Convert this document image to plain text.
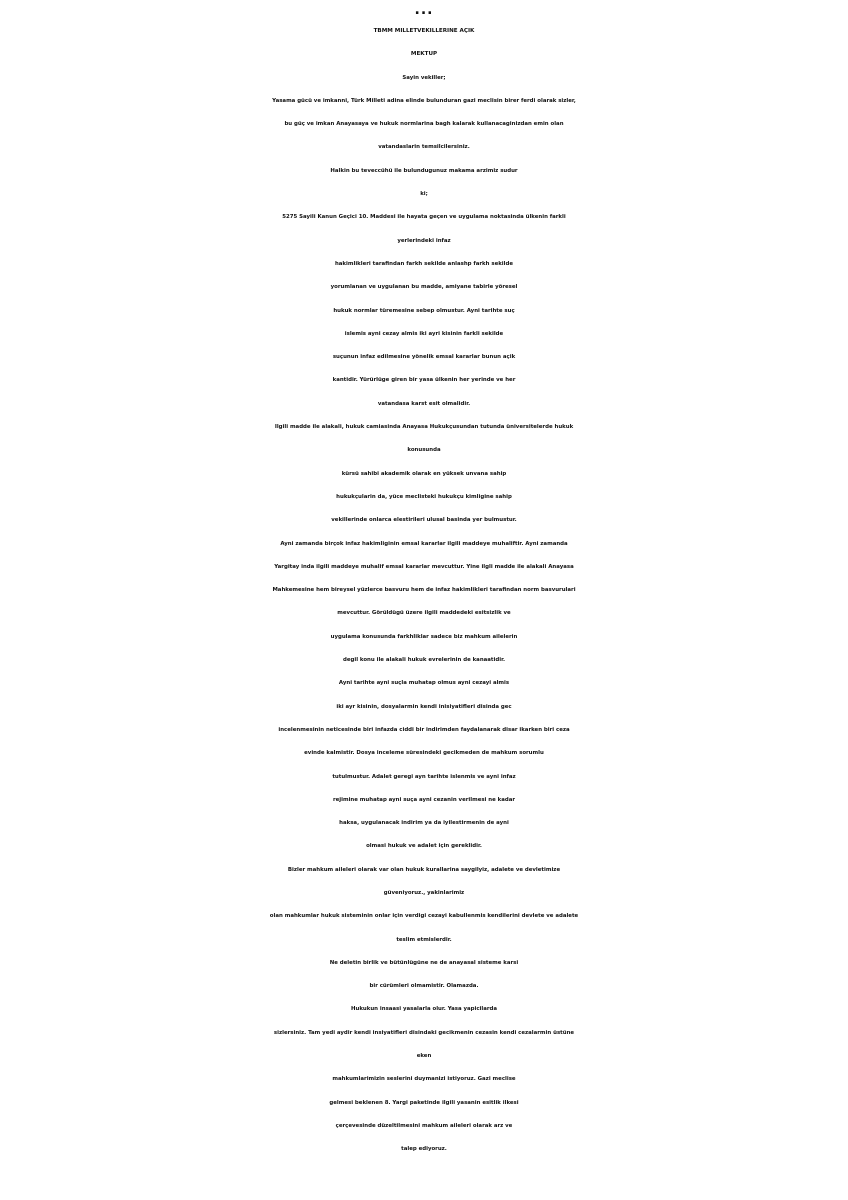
...
TBMM MILLETVEKILLERINE AÇIK
MEKTUP
Sayin vekiller;
Yasama gücü ve imkanni, Türk Milleti adina elinde bulunduran gazi meclisin birer ferdi olarak sizler,
bu güç ve imkan Anayasaya ve hukuk normlarina bagh kalarak kullanacaginizdan emin olan
vatandaslarin temsilcilersiniz.
Halkin bu teveccühü ile bulundugunuz makama arzimiz sudur
ki;
5275 Sayili Kanun Geçici 10. Maddesi ile hayata geçen ve uygulama noktasinda ülkenin farkli
yerlerindeki infaz
hakimlikleri tarafindan farkh sekilde anlashp farkh sekilde
yorumlanan ve uygulanan bu madde, amiyane tabirle yöresel
hukuk normlar türemesine sebep olmustur. Ayni tarihte suç
islemis ayni cezay almis iki ayri kisinin farkli sekilde
suçunun infaz edilmesine yönelik emsal kararlar bunun açik
kantidir. Yürürlüge giren bir yasa ülkenin her yerinde ve her
vatandasa karst esit olmalidir.
Ilgili madde ile alakali, hukuk camiasinda Anayasa Hukukçusundan tutunda üniversitelerde hukuk
konusunda
kürsü sahibi akademik olarak en yüksek unvana sahip
hukukçularin da, yüce meclisteki hukukçu kimligine sahip
vekillerinde onlarca elestirileri ulusal basinda yer bulmustur.
Ayni zamanda birçok infaz hakimliginin emsal kararlar ilgili maddeye muhaliftir. Ayni zamanda
Yargitay inda ilgili maddeye muhalif emsal kararlar mevcuttur. Yine ilgli madde ile alakali Anayasa
Mahkemesine hem bireysel yüzlerce basvuru hem de infaz hakimlikleri tarafindan norm basvurulari
mevcuttur. Görüldügü üzere ilgili maddedeki esitsizlik ve
uygulama konusunda farkhliklar sadece biz mahkum ailelerin
degil konu ile alakali hukuk evrelerinin de kanaatidir.
Ayni tarihte ayni suçla muhatap olmus ayni cezayi almis
iki ayr kisinin, dosyalarmin kendi inisiyatifleri disinda gec
incelenmesinin neticesinde biri infazda ciddi bir indirimden faydalanarak disar ikarken biri ceza
evinde kalmistir. Dosya inceleme süresindeki gecikmeden de mahkum sorumlu
tutulmustur. Adalet geregi ayn tarihte islenmis ve ayni infaz
rejimine muhatap ayni suça ayni cezanin verilmesi ne kadar
haksa, uygulanacak indirim ya da iyilestirmenin de ayni
olmasi hukuk ve adalet için gereklidir.
Bizler mahkum aileleri olarak var olan hukuk kurallarina saygilyiz, adalete ve devletimize
güveniyoruz., yakinlarimiz
olan mahkumlar hukuk sisteminin onlar için verdigi cezayi kabullenmis kendilerini devlete ve adalete
teslim etmislerdir.
Ne deletin birlik ve bütünlügüne ne de anayasal sisteme karsi
bir cürümleri olmamistir. Olamazda.
Hukukun insaasi yasalarla olur. Yasa yapicilarda
sizlersiniz. Tam yedi aydir kendi insiyatifleri disindaki gecikmenin cezasin kendi cezalarmin üstüne
eken
mahkumlarimizin seslerini duymanizi istiyoruz. Gazi meclise
gelmesi beklenen 8. Yargi paketinde ilgili yasanin esitlik ilkesi
çerçevesinde düzeltilmesini mahkum aileleri olarak arz ve
talep ediyoruz.
